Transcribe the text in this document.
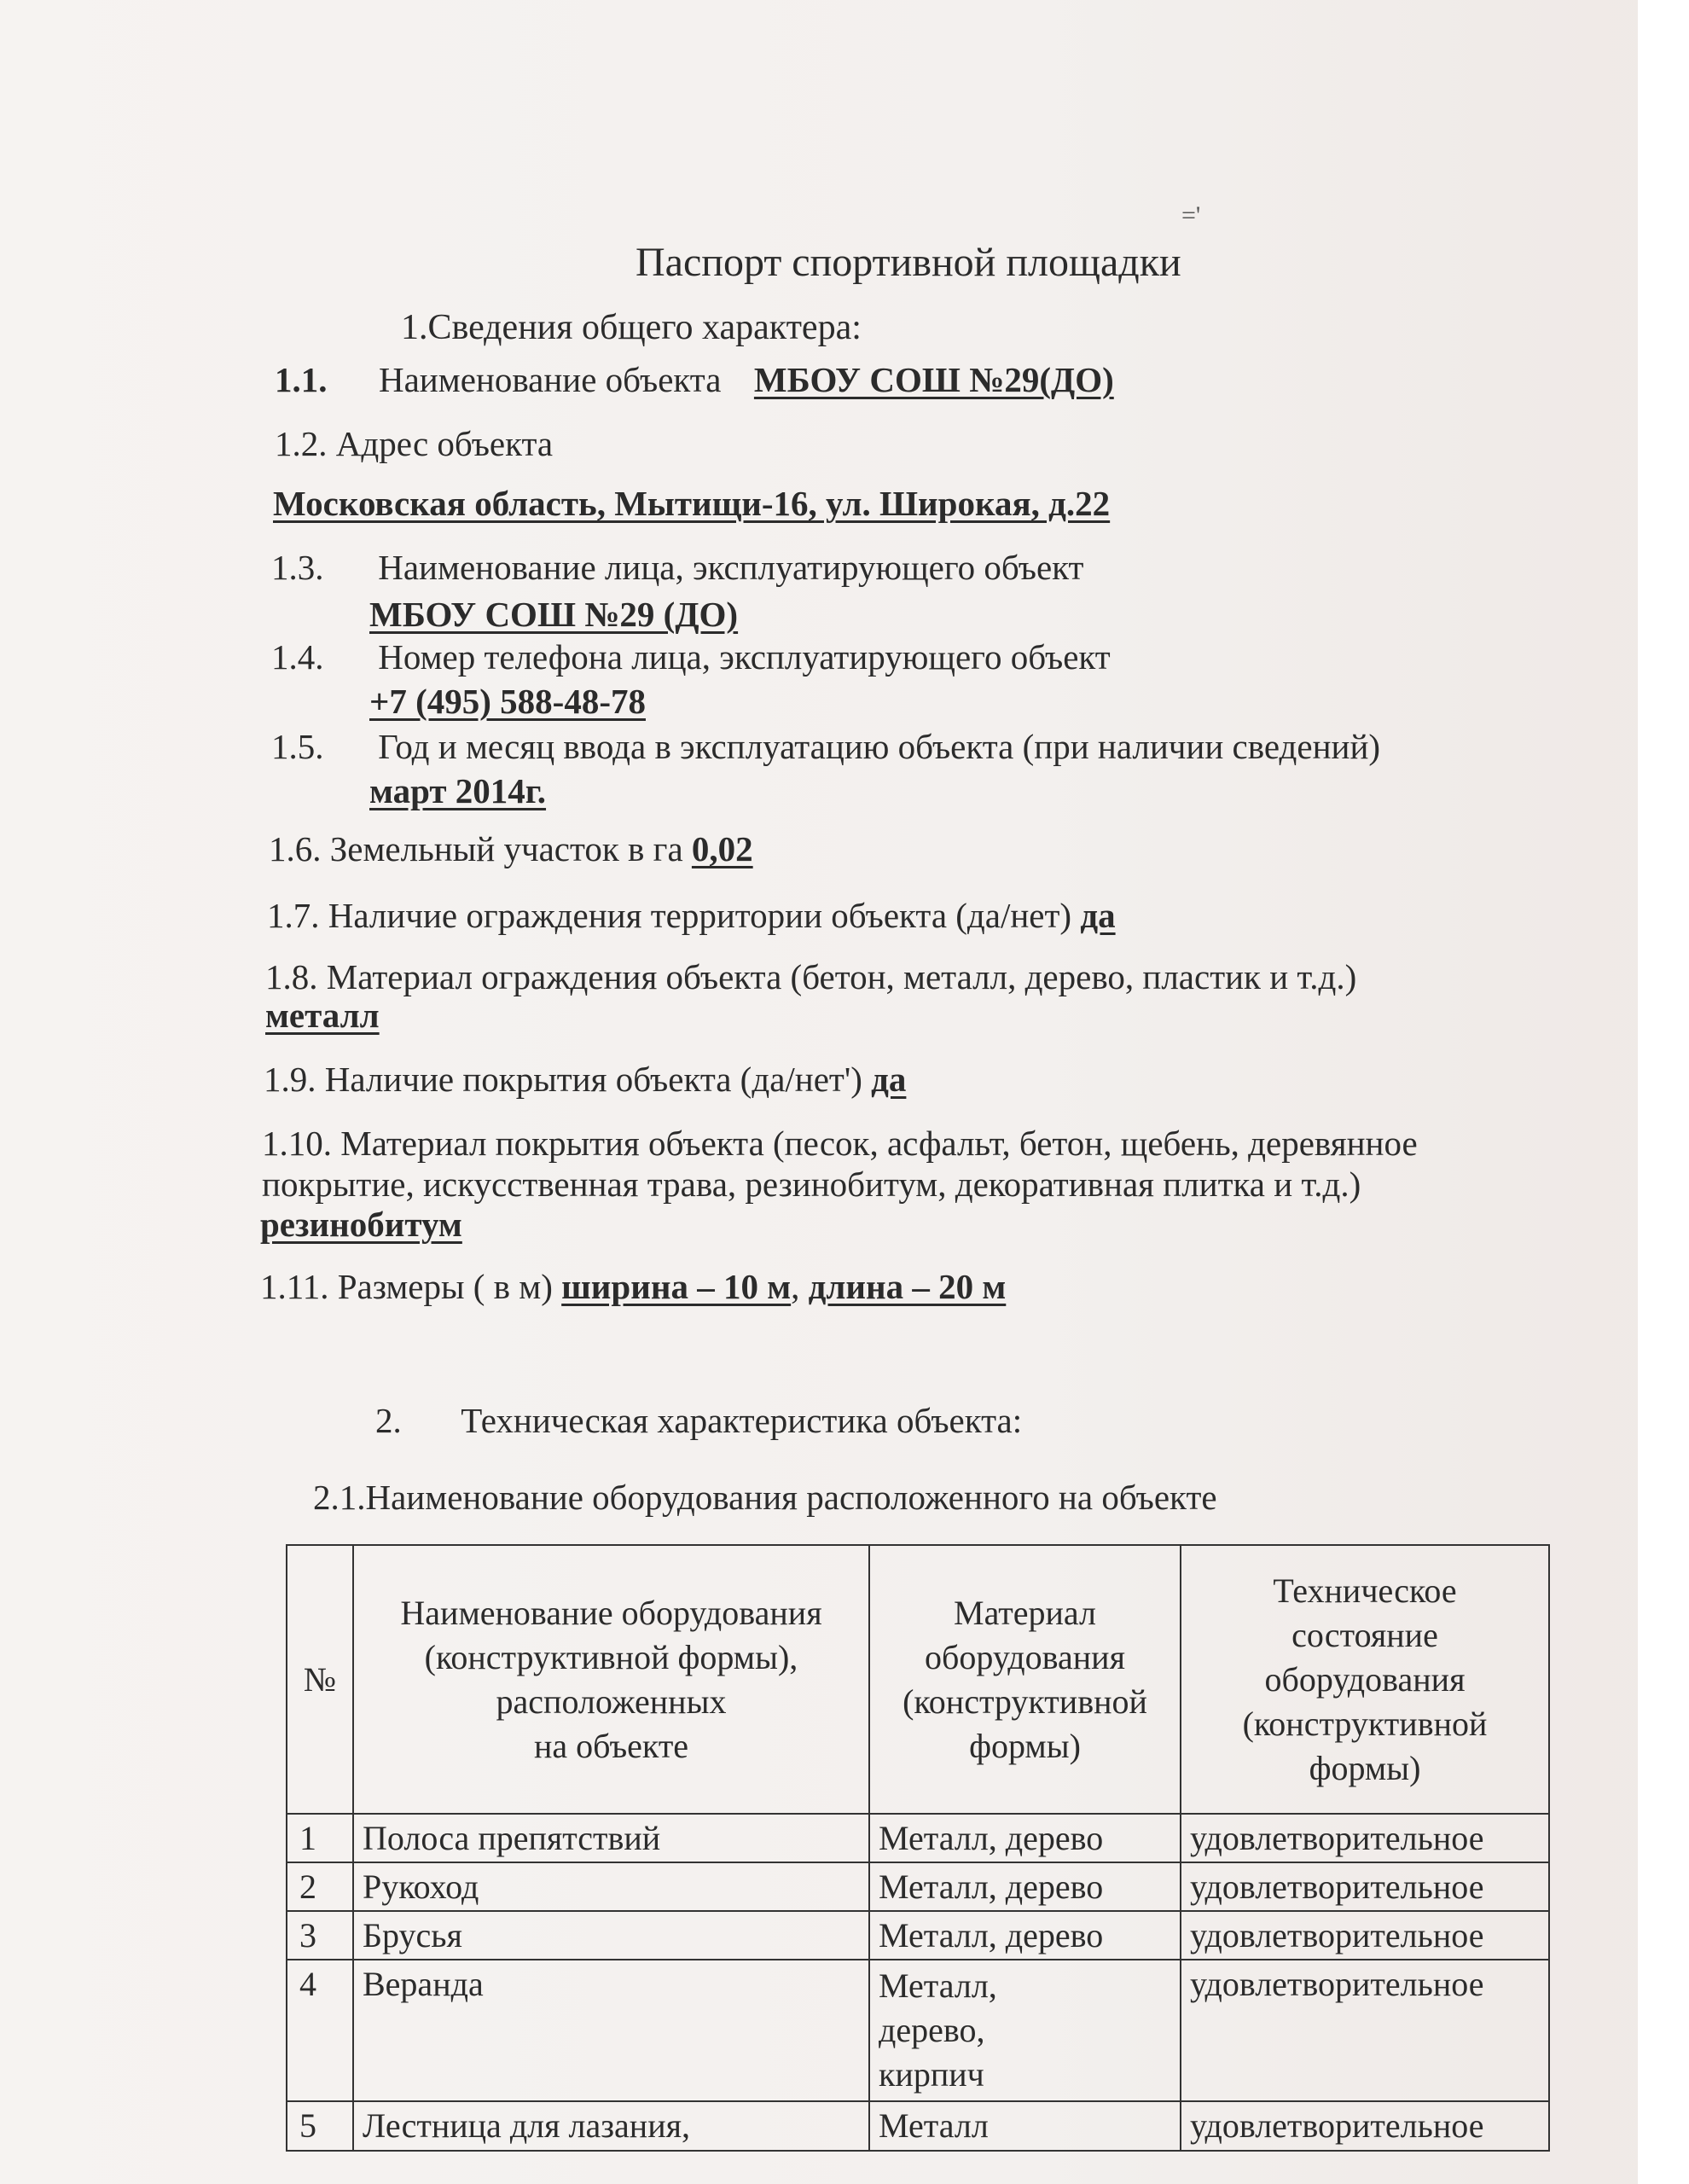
='
Паспорт спортивной площадки
1.Сведения общего характера:
1.1. Наименование объекта МБОУ СОШ №29(ДО)
1.2. Адрес объекта
Московская область, Мытищи-16, ул. Широкая, д.22
1.3. Наименование лица, эксплуатирующего объект
МБОУ СОШ №29 (ДО)
1.4. Номер телефона лица, эксплуатирующего объект
+7 (495) 588-48-78
1.5. Год и месяц ввода в эксплуатацию объекта (при наличии сведений)
март 2014г.
1.6. Земельный участок в га 0,02
1.7. Наличие ограждения территории объекта (да/нет) да
1.8. Материал ограждения объекта (бетон, металл, дерево, пластик и т.д.)
металл
1.9. Наличие покрытия объекта (да/нет') да
1.10. Материал покрытия объекта (песок, асфальт, бетон, щебень, деревянное
покрытие, искусственная трава, резинобитум, декоративная плитка и т.д.)
резинобитум
1.11. Размеры ( в м) ширина – 10 м, длина – 20 м
2. Техническая характеристика объекта:
2.1.Наименование оборудования расположенного на объекте
№	Наименование оборудования
(конструктивной формы),
расположенных
на объекте	Материал
оборудования
(конструктивной
формы)	Техническое
состояние
оборудования
(конструктивной
формы)
1	Полоса препятствий	Металл, дерево	удовлетворительное
2	Рукоход	Металл, дерево	удовлетворительное
3	Брусья	Металл, дерево	удовлетворительное
4	Веранда	Металл,
дерево,
кирпич	удовлетворительное
5	Лестница для лазания,	Металл	удовлетворительное
